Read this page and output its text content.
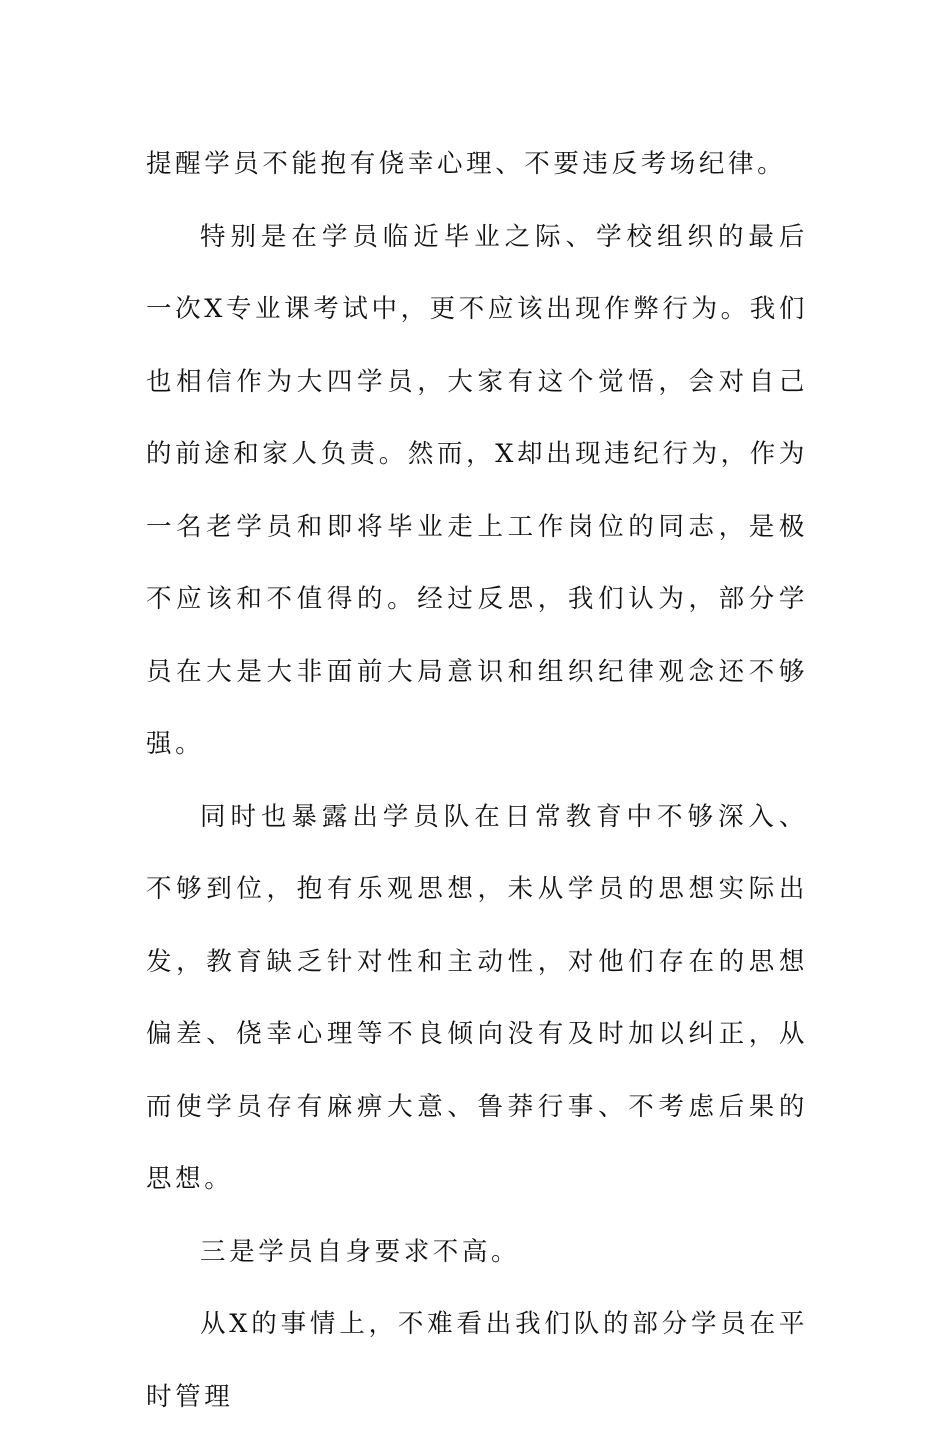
提醒学员不能抱有侥幸心理、不要违反考场纪律。

特别是在学员临近毕业之际、学校组织的最后一次X专业课考试中，更不应该出现作弊行为。我们也相信作为大四学员，大家有这个觉悟，会对自己的前途和家人负责。然而，X却出现违纪行为，作为一名老学员和即将毕业走上工作岗位的同志，是极不应该和不值得的。经过反思，我们认为，部分学员在大是大非面前大局意识和组织纪律观念还不够强。

同时也暴露出学员队在日常教育中不够深入、不够到位，抱有乐观思想，未从学员的思想实际出发，教育缺乏针对性和主动性，对他们存在的思想偏差、侥幸心理等不良倾向没有及时加以纠正，从而使学员存有麻痹大意、鲁莽行事、不考虑后果的思想。

三是学员自身要求不高。

从X的事情上，不难看出我们队的部分学员在平时管理
